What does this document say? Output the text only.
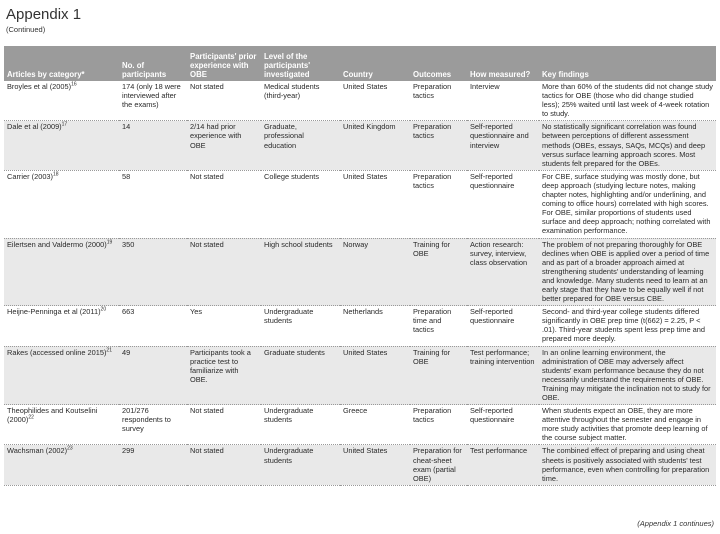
Appendix 1
(Continued)
Articles by category*	No. of participants	Participants' prior experience with OBE	Level of the participants' investigated	Country	Outcomes	How measured?	Key findings
Broyles et al $(2005)^{16}$	174 (only 18 were interviewed after the exams)	Not stated	Medical students (third-year)	United States	Preparation tactics	Interview	More than 60% of the students did not change study tactics for OBE (those who did change studied less); 25% waited until last week of 4-week rotation to study.
Dale et al $(2009)^{17}$	14	2/14 had prior experience with OBE	Graduate, professional education	United Kingdom	Preparation tactics	Self-reported questionnaire and interview	No statistically significant correlation was found between perceptions of different assessment methods (OBEs, essays, SAQs, MCQs) and deep versus surface learning approach scores. Most students felt prepared for the OBEs.
Carrier $(2003)^{18}$	58	Not stated	College students	United States	Preparation tactics	Self-reported questionnaire	For CBE, surface studying was mostly done, but deep approach (studying lecture notes, making chapter notes, highlighting and/or underlining, and coming to office hours) correlated with high scores. For OBE, similar proportions of students used surface and deep approach; nothing correlated with examination performance.
Eilertsen and Valdermo $(2000)^{19}$	350	Not stated	High school students	Norway	Training for OBE	Action research: survey, interview, class observation	The problem of not preparing thoroughly for OBE declines when OBE is applied over a period of time and as part of a broader approach aimed at strengthening students' understanding of learning and knowledge. Many students need to learn at an early stage that they have to be equally well if not better prepared for OBE versus CBE.
Heijne-Penninga et al $(2011)^{20}$	663	Yes	Undergraduate students	Netherlands	Preparation time and tactics	Self-reported questionnaire	Second- and third-year college students differed significantly in OBE prep time (t(662) = 2.25, P < .01). Third-year students spent less prep time and prepared more deeply.
Rakes (accessed online 2015)$^{21}$	49	Participants took a practice test to familiarize with OBE.	Graduate students	United States	Training for OBE	Test performance; training intervention	In an online learning environment, the administration of OBE may adversely affect students' exam performance because they do not necessarily understand the requirements of OBE. Training may mitigate the inclination not to study for OBE.
Theophilides and Koutselini $(2000)^{22}$	201/276 respondents to survey	Not stated	Undergraduate students	Greece	Preparation tactics	Self-reported questionnaire	When students expect an OBE, they are more attentive throughout the semester and engage in more study activities that promote deep learning of the course subject matter.
Wachsman $(2002)^{23}$	299	Not stated	Undergraduate students	United States	Preparation for cheat-sheet exam (partial OBE)	Test performance	The combined effect of preparing and using cheat sheets is positively associated with students' test performance, even when controlling for preparation time.
(Appendix 1 continues)
